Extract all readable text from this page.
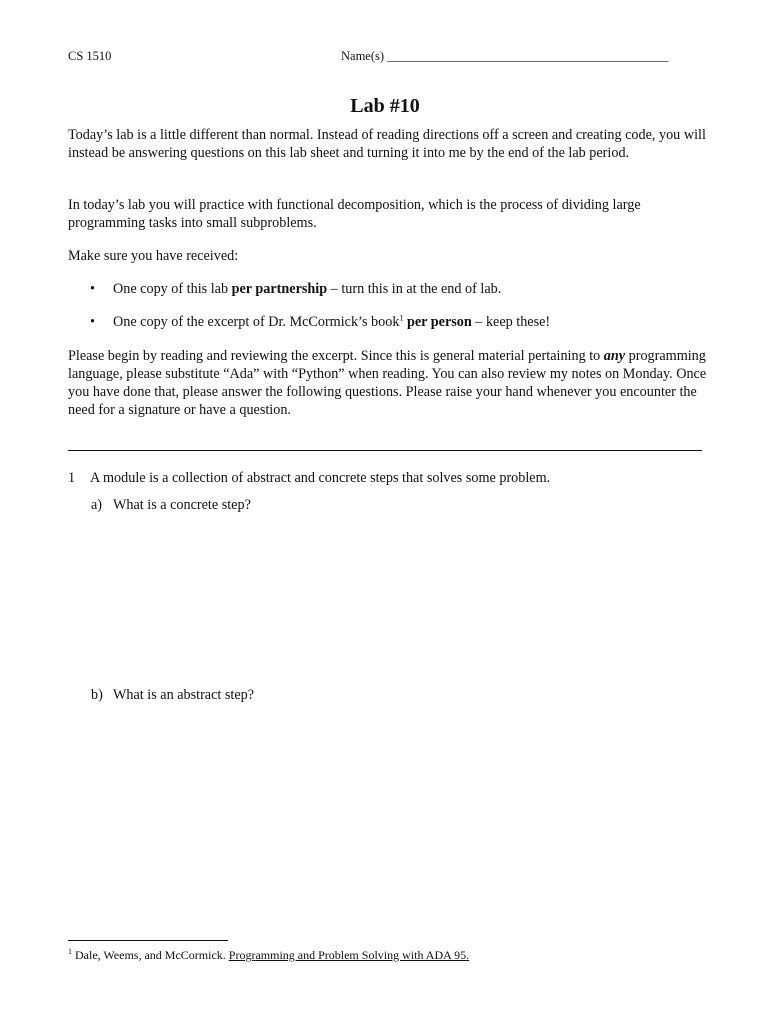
CS 1510	Name(s) _____________________________________________
Lab #10
Today’s lab is a little different than normal. Instead of reading directions off a screen and creating code, you will instead be answering questions on this lab sheet and turning it into me by the end of the lab period.
In today’s lab you will practice with functional decomposition, which is the process of dividing large programming tasks into small subproblems.
Make sure you have received:
• One copy of this lab per partnership – turn this in at the end of lab.
• One copy of the excerpt of Dr. McCormick’s book$^1$ per person – keep these!
Please begin by reading and reviewing the excerpt. Since this is general material pertaining to any programming language, please substitute “Ada” with “Python” when reading. You can also review my notes on Monday. Once you have done that, please answer the following questions. Please raise your hand whenever you encounter the need for a signature or have a question.
1 A module is a collection of abstract and concrete steps that solves some problem.
a) What is a concrete step?
b) What is an abstract step?
$^1$ Dale, Weems, and McCormick. Programming and Problem Solving with ADA 95.
